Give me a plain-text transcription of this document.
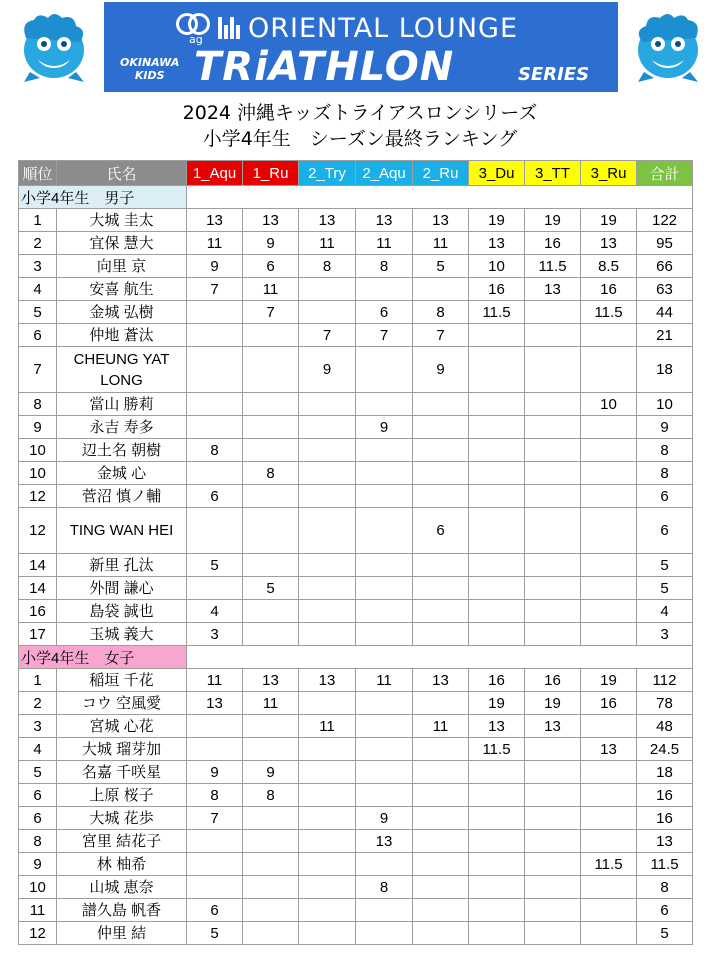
ag ORIENTAL LOUNGE
OKINAWA
KIDS TRiATHLON	SERIES
2024 沖縄キッズトライアスロンシリーズ
小学4年生　シーズン最終ランキング
順位	氏名	1_Aqu	1_Ru	2_Try	2_Aqu	2_Ru	3_Du	3_TT	3_Ru	合計
小学4年生　男子										
1	大城 圭太	13	13	13	13	13	19	19	19	122
2	宜保 慧大	11	9	11	11	11	13	16	13	95
3	向里 京	9	6	8	8	5	10	11.5	8.5	66
4	安喜 航生	7	11				16	13	16	63
5	金城 弘樹		7		6	8	11.5		11.5	44
6	仲地 蒼汰			7	7	7				21
7	CHEUNG YAT LONG			9		9				18
8	當山 勝莉								10	10
9	永吉 寿多				9					9
10	辺土名 朝樹	8								8
10	金城 心		8							8
12	菅沼 慎ノ輔	6								6
12	TING WAN HEI					6				6
14	新里 孔汰	5								5
14	外間 謙心		5							5
16	島袋 誠也	4								4
17	玉城 義大	3								3
小学4年生　女子										
1	稲垣 千花	11	13	13	11	13	16	16	19	112
2	コウ 空風愛	13	11				19	19	16	78
3	宮城 心花			11		11	13	13		48
4	大城 瑠芽加						11.5		13	24.5
5	名嘉 千咲星	9	9							18
6	上原 桜子	8	8							16
6	大城 花歩	7			9					16
8	宮里 結花子				13					13
9	林 柚希								11.5	11.5
10	山城 恵奈				8					8
11	譜久島 帆香	6								6
12	仲里 結	5								5
